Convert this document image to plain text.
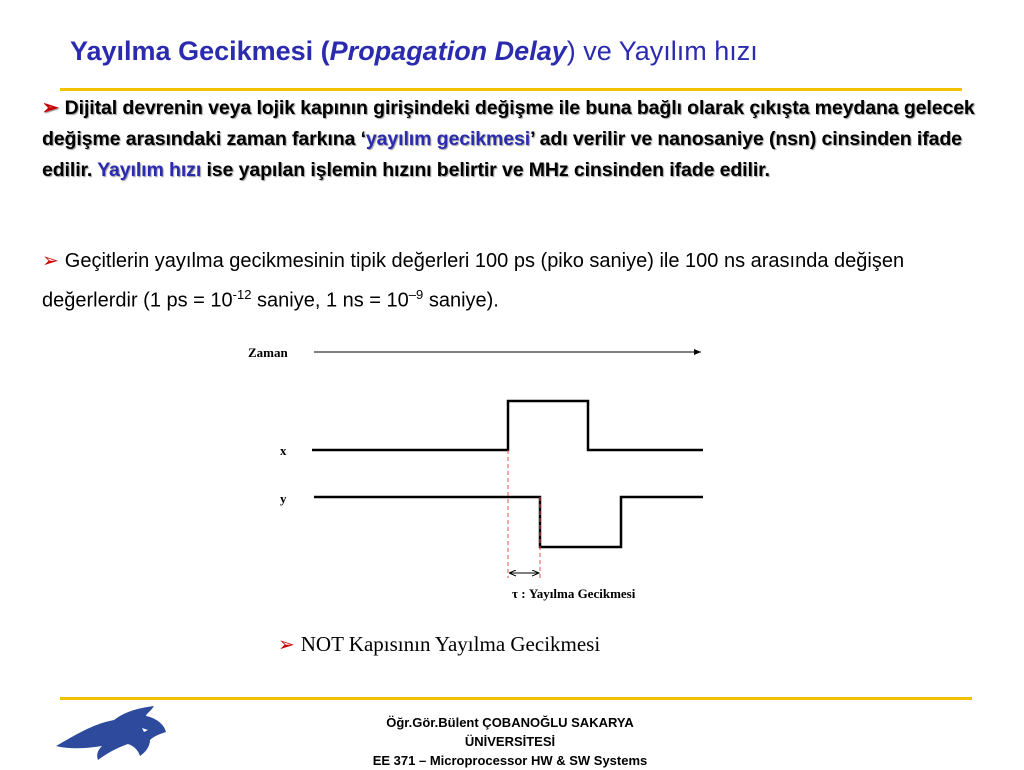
Yayılma Gecikmesi (Propagation Delay) ve Yayılım hızı
➢ Dijital devrenin veya lojik kapının girişindeki değişme ile buna bağlı olarak çıkışta meydana gelecek değişme arasındaki zaman farkına ‘yayılım gecikmesi’ adı verilir ve nanosaniye (nsn) cinsinden ifade edilir. Yayılım hızı ise yapılan işlemin hızını belirtir ve MHz cinsinden ifade edilir.
➢ Geçitlerin yayılma gecikmesinin tipik değerleri 100 ps (piko saniye) ile 100 ns arasında değişen değerlerdir (1 ps = $10^{-12}$ saniye, 1 ns = $10^{-9}$ saniye).
Zaman
x
y
τ : Yayılma Gecikmesi
➢ NOT Kapısının Yayılma Gecikmesi
Öğr.Gör.Bülent ÇOBANOĞLU SAKARYA
ÜNİVERSİTESİ
EE 371 – Microprocessor HW & SW Systems
